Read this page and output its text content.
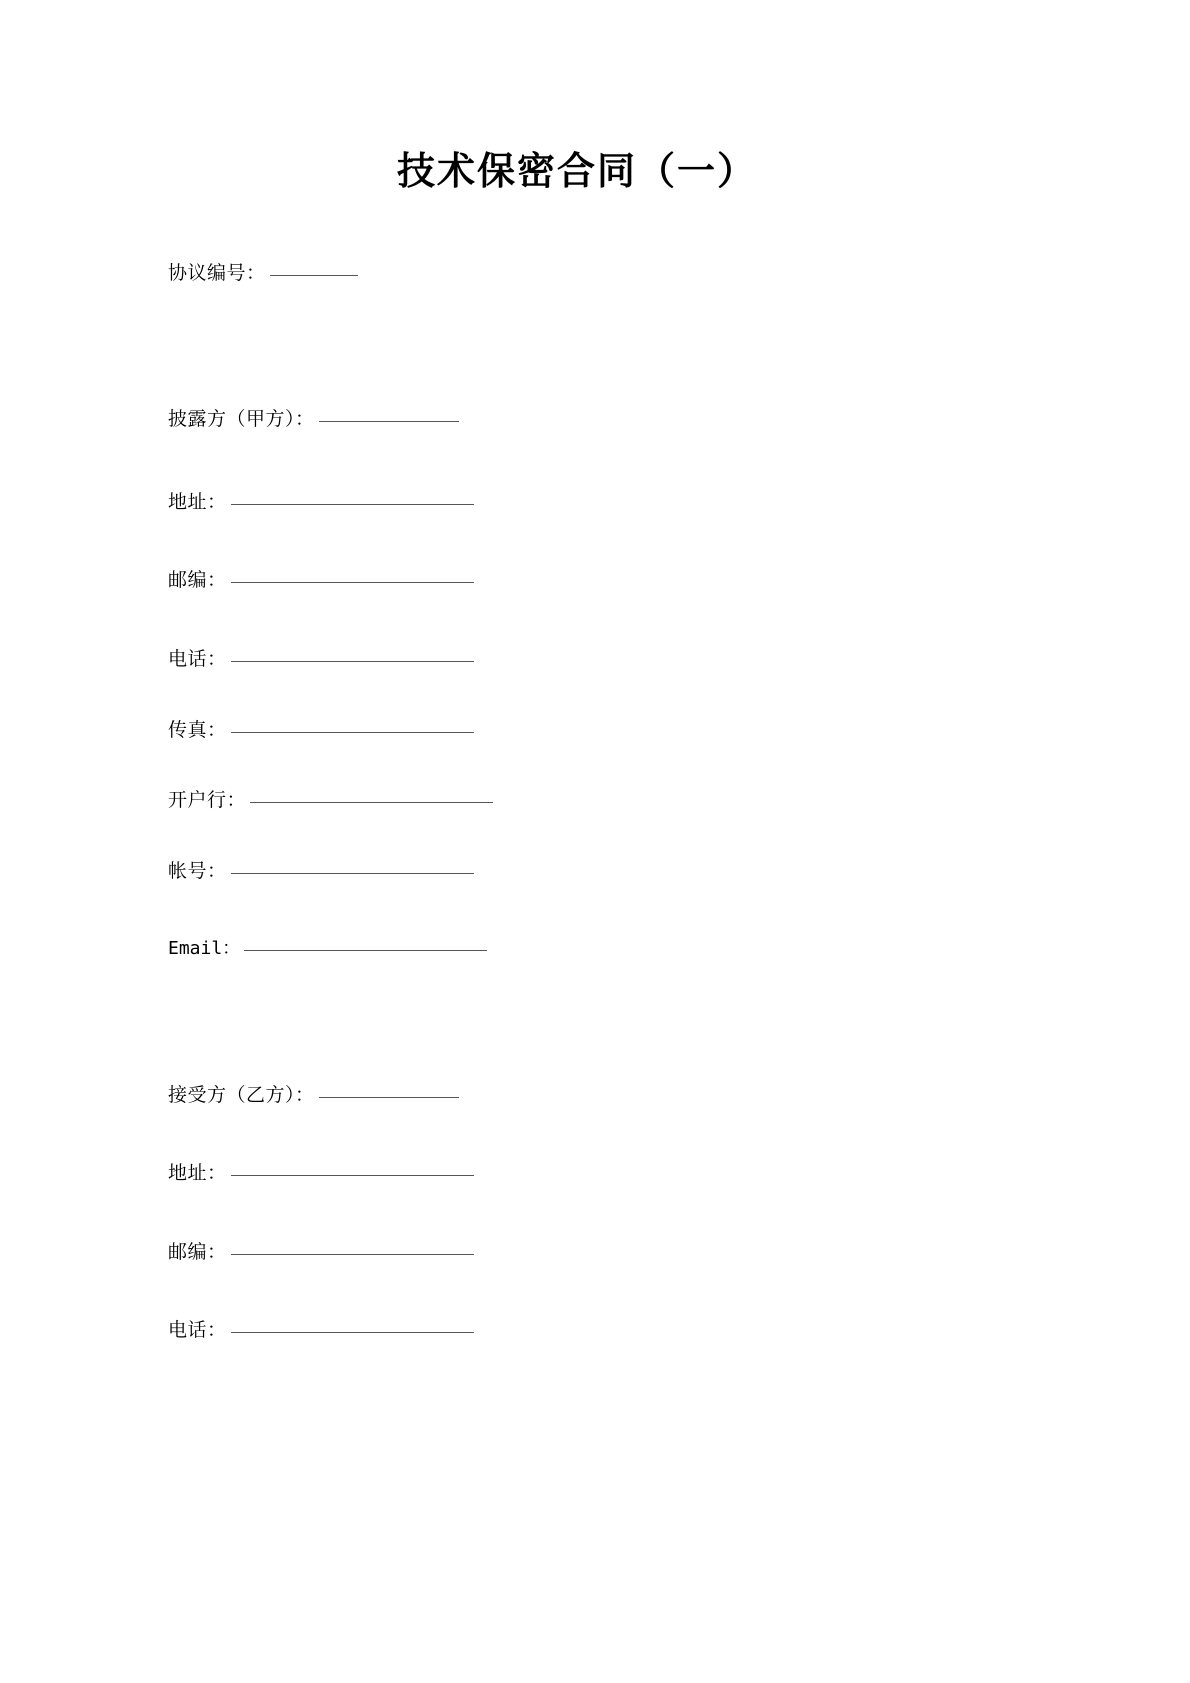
技术保密合同（一）
协议编号：
披露方（甲方）：
地址：
邮编：
电话：
传真：
开户行：
帐号：
Email：
接受方（乙方）：
地址：
邮编：
电话：
